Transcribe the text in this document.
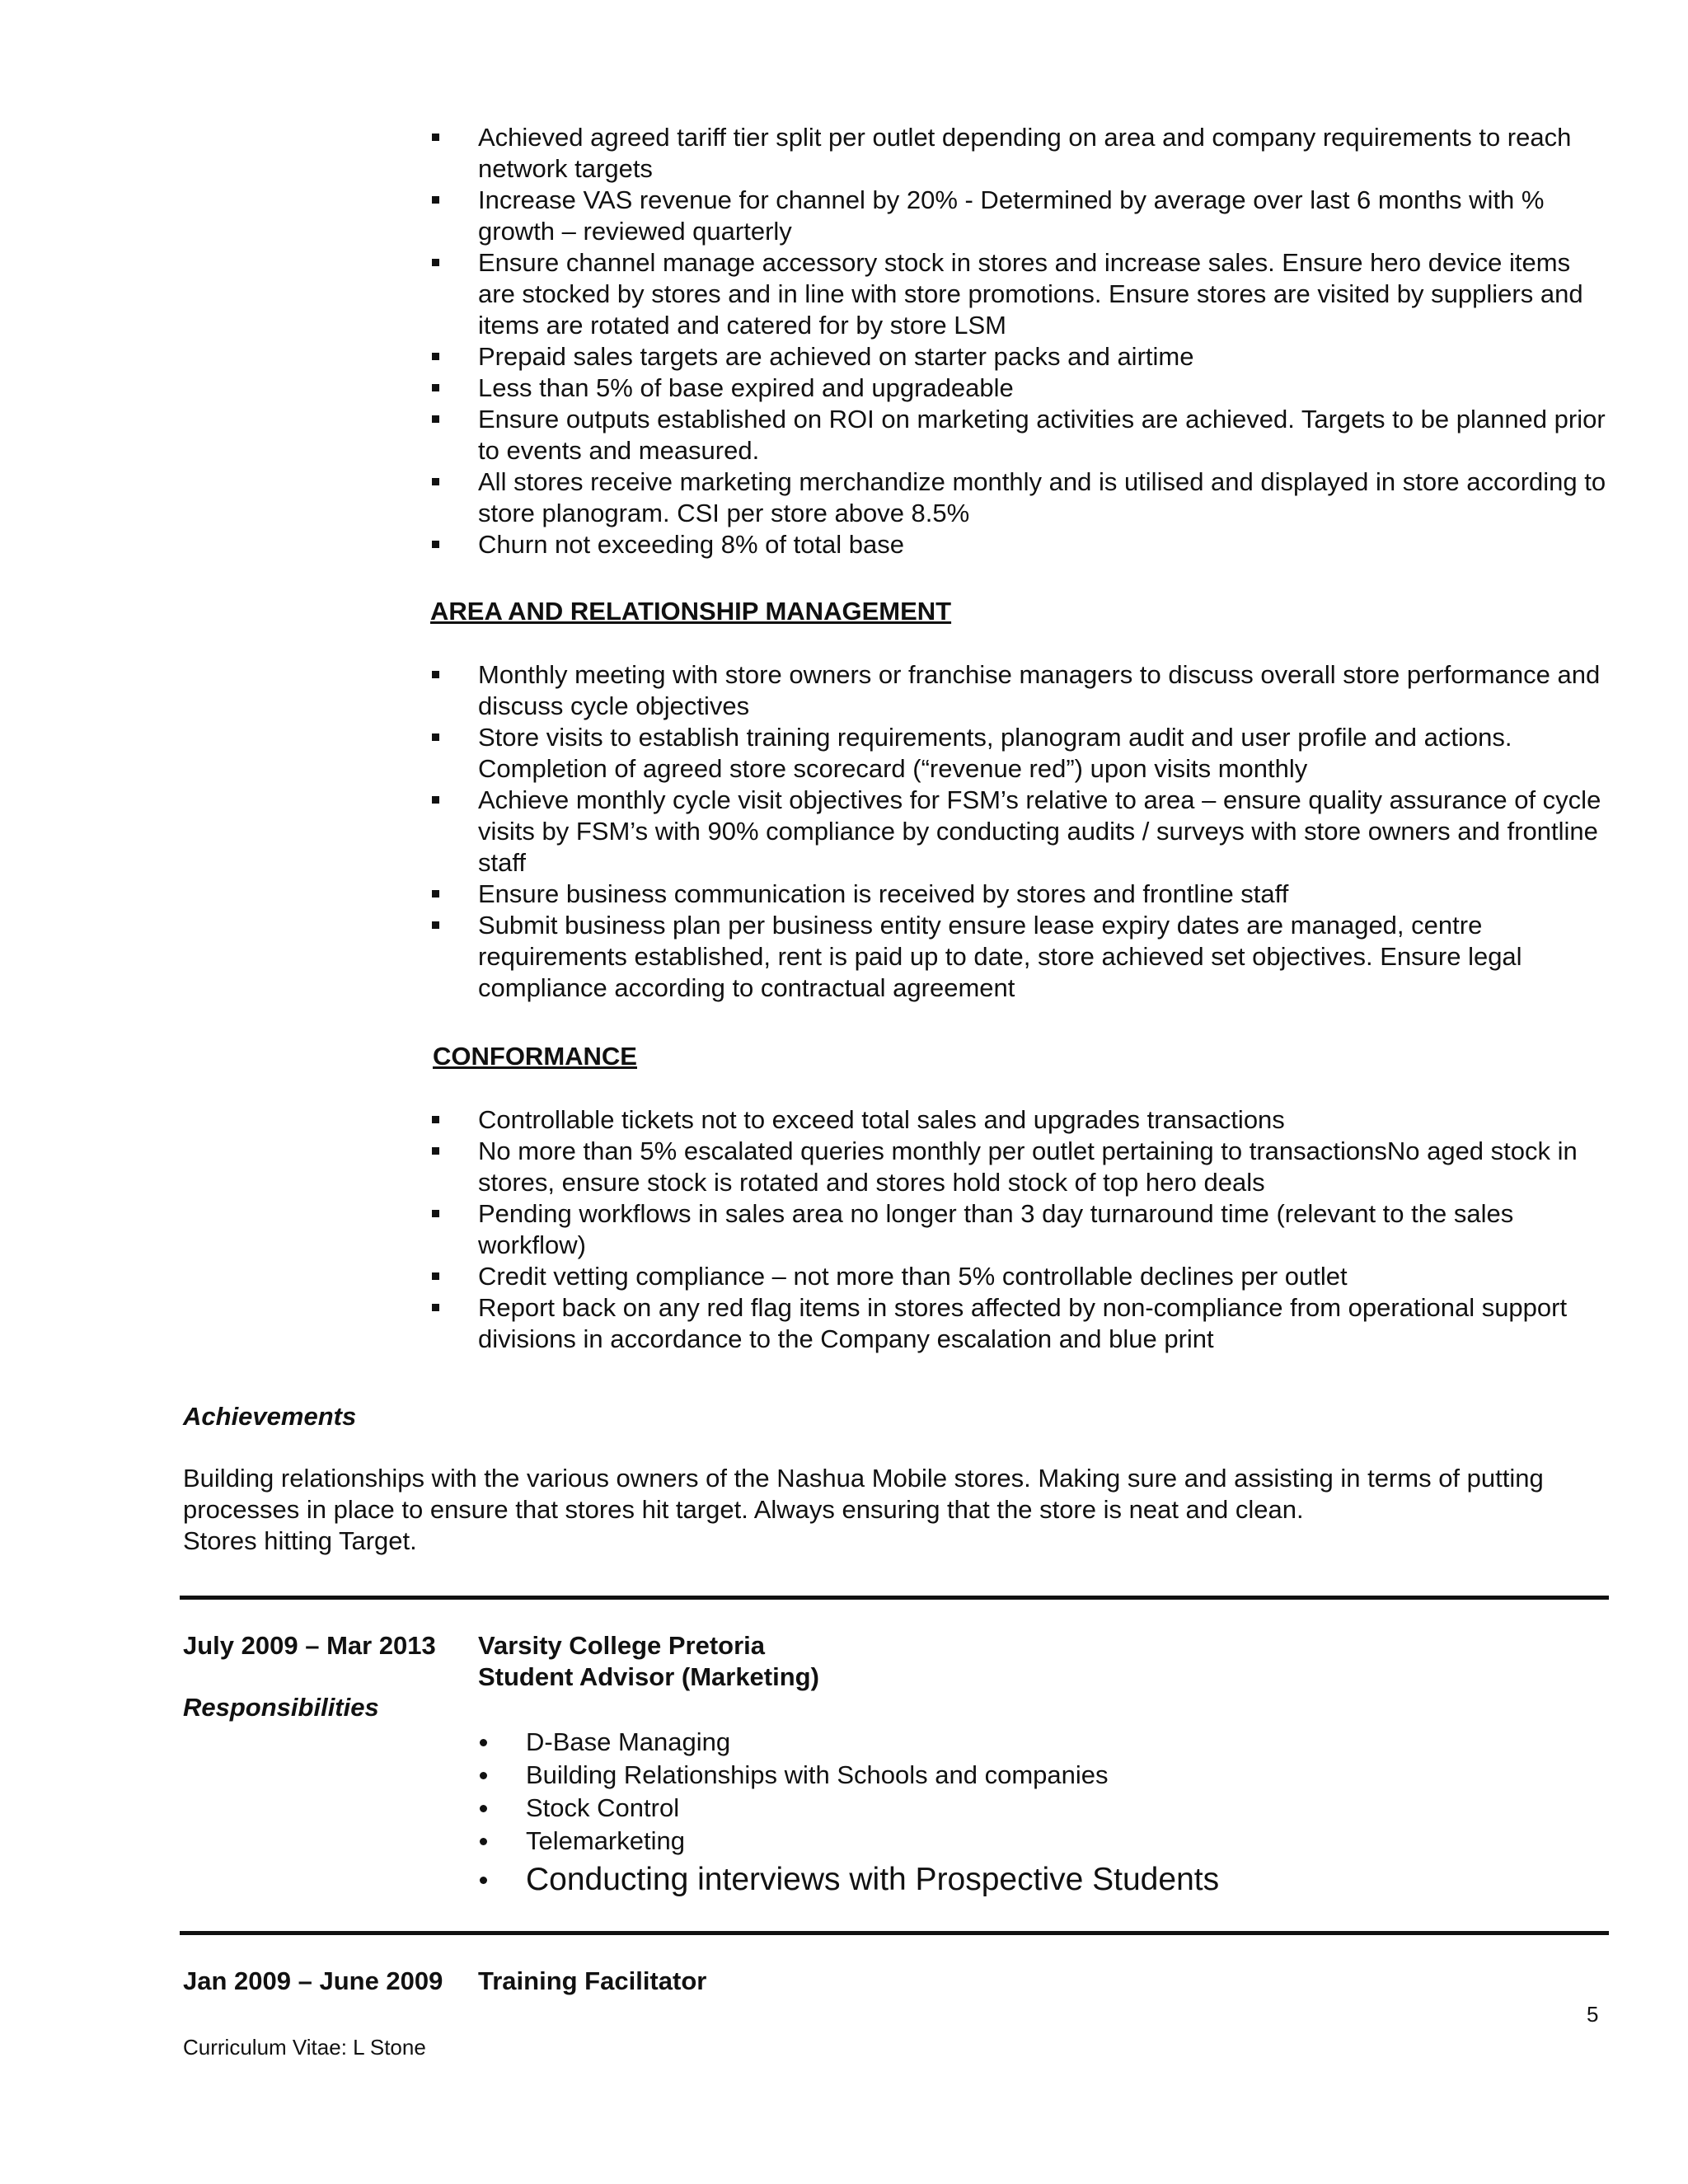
Achieved agreed tariff tier split per outlet depending on area and company requirements to reach network targets
Increase VAS revenue for channel by 20% - Determined by average over last 6 months with % growth – reviewed quarterly
Ensure channel manage accessory stock in stores and increase sales. Ensure hero device items are stocked by stores and in line with store promotions. Ensure stores are visited by suppliers and items are rotated and catered for by store LSM
Prepaid sales targets are achieved on starter packs and airtime
Less than 5% of base expired and upgradeable
Ensure outputs established on ROI on marketing activities are achieved. Targets to be planned prior to events and measured.
All stores receive marketing merchandize monthly and is utilised and displayed in store according to store planogram. CSI per store above 8.5%
Churn not exceeding 8% of total base
AREA AND RELATIONSHIP MANAGEMENT
Monthly meeting with store owners or franchise managers to discuss overall store performance and discuss cycle objectives
Store visits to establish training requirements, planogram audit and user profile and actions. Completion of agreed store scorecard (“revenue red”) upon visits monthly
Achieve monthly cycle visit objectives for FSM’s relative to area – ensure quality assurance of cycle visits by FSM’s with 90% compliance by conducting audits / surveys with store owners and frontline staff
Ensure business communication is received by stores and frontline staff
Submit business plan per business entity ensure lease expiry dates are managed, centre requirements established, rent is paid up to date, store achieved set objectives. Ensure legal compliance according to contractual agreement
CONFORMANCE
Controllable tickets not to exceed total sales and upgrades transactions
No more than 5% escalated queries monthly per outlet pertaining to transactionsNo aged stock in stores, ensure stock is rotated and stores hold stock of top hero deals
Pending workflows in sales area no longer than 3 day turnaround time (relevant to the sales workflow)
Credit vetting compliance – not more than 5% controllable declines per outlet
Report back on any red flag items in stores affected by non-compliance from operational support divisions in accordance to the Company escalation and blue print
Achievements
Building relationships with the various owners of the Nashua Mobile stores. Making sure and assisting in terms of putting processes in place to ensure that stores hit target. Always ensuring that the store is neat and clean.
Stores hitting Target.
July 2009 – Mar 2013 Varsity College Pretoria
Student Advisor (Marketing)
Responsibilities
D-Base Managing
Building Relationships with Schools and companies
Stock Control
Telemarketing
Conducting interviews with Prospective Students
Jan 2009 – June 2009 Training Facilitator
5
Curriculum Vitae: L Stone
